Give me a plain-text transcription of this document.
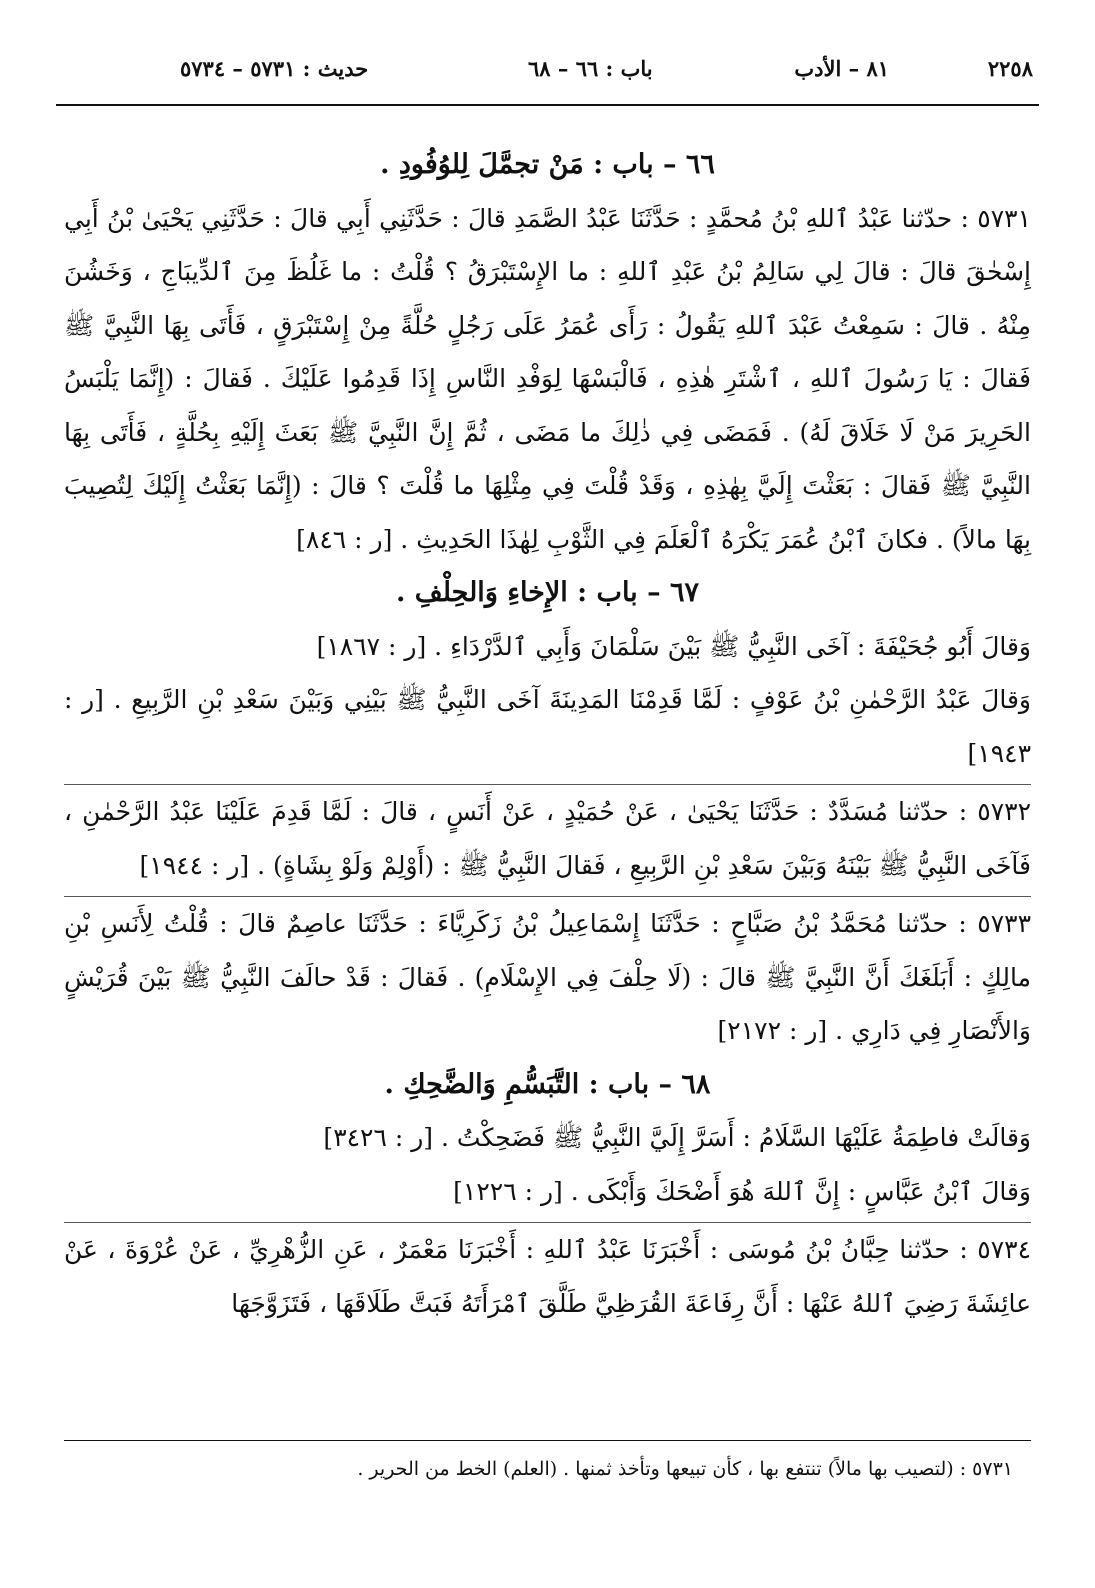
٢٢٥٨
٨١ – الأدب
باب : ٦٦ – ٦٨
حديث : ٥٧٣١ – ٥٧٣٤

٦٦ – باب : مَنْ تجمَّلَ لِلوُفُودِ .

٥٧٣١ : حدّثنا عَبْدُ ٱللهِ بْنُ مُحمَّدٍ : حَدَّثَنَا عَبْدُ الصَّمَدِ قالَ : حَدَّثَنِي أَبِي قالَ : حَدَّثَنِي يَحْيَىٰ بْنُ أَبِي إِسْحٰقَ قالَ : قالَ لِي سَالِمُ بْنُ عَبْدِ ٱللهِ : ما الإِسْتَبْرَقُ ؟ قُلْتُ : ما غَلُظَ مِنَ ٱلدِّيبَاجِ ، وَخَشُنَ مِنْهُ . قالَ : سَمِعْتُ عَبْدَ ٱللهِ يَقُولُ : رَأَى عُمَرُ عَلَى رَجُلٍ حُلَّةً مِنْ إِسْتَبْرَقٍ ، فَأَتَى بِهَا النَّبِيَّ ﷺ فَقالَ : يَا رَسُولَ ٱللهِ ، ٱشْتَرِ هٰذِهِ ، فَالْبَسْهَا لِوَفْدِ النَّاسِ إِذَا قَدِمُوا عَلَيْكَ . فَقالَ : (إِنَّمَا يَلْبَسُ الحَرِيرَ مَنْ لَا خَلَاقَ لَهُ) . فَمَضَى فِي ذٰلِكَ ما مَضَى ، ثُمَّ إِنَّ النَّبِيَّ ﷺ بَعَثَ إِلَيْهِ بِحُلَّةٍ ، فَأَتَى بِهَا النَّبِيَّ ﷺ فَقالَ : بَعَثْتَ إِلَيَّ بِهٰذِهِ ، وَقَدْ قُلْتَ فِي مِثْلِهَا ما قُلْتَ ؟ قالَ : (إِنَّمَا بَعَثْتُ إِلَيْكَ لِتُصِيبَ بِهَا مالاً) . فكانَ ٱبْنُ عُمَرَ يَكْرَهُ ٱلْعَلَمَ فِي الثَّوْبِ لِهٰذَا الحَدِيثِ . [ر : ٨٤٦]

٦٧ – باب : الإِخاءِ وَالحِلْفِ .

وَقالَ أَبُو جُحَيْفَةَ : آخَى النَّبِيُّ ﷺ بَيْنَ سَلْمَانَ وَأَبِي ٱلدَّرْدَاءِ . [ر : ١٨٦٧]

وَقالَ عَبْدُ الرَّحْمٰنِ بْنُ عَوْفٍ : لَمَّا قَدِمْنَا المَدِينَةَ آخَى النَّبِيُّ ﷺ بَيْنِي وَبَيْنَ سَعْدِ بْنِ الرَّبِيعِ . [ر : ١٩٤٣]

٥٧٣٢ : حدّثنا مُسَدَّدٌ : حَدَّثَنَا يَحْيَىٰ ، عَنْ حُمَيْدٍ ، عَنْ أَنَسٍ ، قالَ : لَمَّا قَدِمَ عَلَيْنَا عَبْدُ الرَّحْمٰنِ ، فَآخَى النَّبِيُّ ﷺ بَيْنَهُ وَبَيْنَ سَعْدِ بْنِ الرَّبِيعِ ، فَقالَ النَّبِيُّ ﷺ : (أَوْلِمْ وَلَوْ بِشَاةٍ) . [ر : ١٩٤٤]

٥٧٣٣ : حدّثنا مُحَمَّدُ بْنُ صَبَّاحٍ : حَدَّثَنَا إِسْمَاعِيلُ بْنُ زَكَرِيَّاءَ : حَدَّثَنَا عاصِمٌ قالَ : قُلْتُ لِأَنَسِ بْنِ مالِكٍ : أَبَلَغَكَ أَنَّ النَّبِيَّ ﷺ قالَ : (لَا حِلْفَ فِي الإِسْلَامِ) . فَقالَ : قَدْ حالَفَ النَّبِيُّ ﷺ بَيْنَ قُرَيْشٍ وَالأَنْصَارِ فِي دَارِي . [ر : ٢١٧٢]

٦٨ – باب : التَّبَسُّمِ وَالضَّحِكِ .

وَقالَتْ فاطِمَةُ عَلَيْهَا السَّلَامُ : أَسَرَّ إِلَيَّ النَّبِيُّ ﷺ فَضَحِكْتُ . [ر : ٣٤٢٦]

وَقالَ ٱبْنُ عَبَّاسٍ : إِنَّ ٱللهَ هُوَ أَضْحَكَ وَأَبْكَى . [ر : ١٢٢٦]

٥٧٣٤ : حدّثنا حِبَّانُ بْنُ مُوسَى : أَخْبَرَنَا عَبْدُ ٱللهِ : أَخْبَرَنَا مَعْمَرٌ ، عَنِ الزُّهْرِيِّ ، عَنْ عُرْوَةَ ، عَنْ عائِشَةَ رَضِيَ ٱللهُ عَنْهَا : أَنَّ رِفَاعَةَ القُرَظِيَّ طَلَّقَ ٱمْرَأَتَهُ فَبَتَّ طَلَاقَهَا ، فَتَزَوَّجَهَا

٥٧٣١ : (لتصيب بها مالاً) تنتفع بها ، كأن تبيعها وتأخذ ثمنها . (العلم) الخط من الحرير .
